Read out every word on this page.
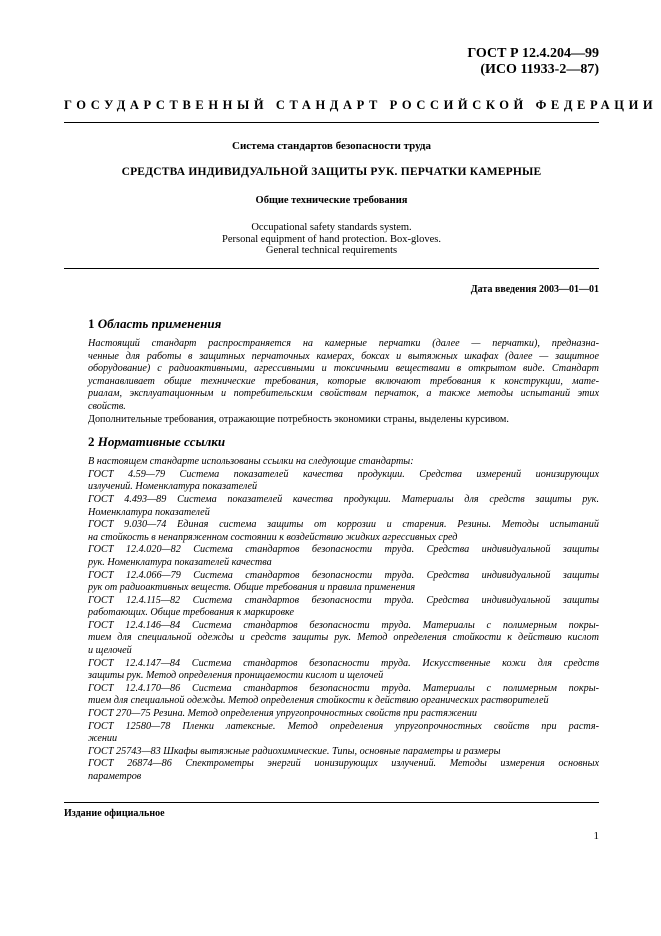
ГОСТ Р 12.4.204—99
(ИСО 11933-2—87)
ГОСУДАРСТВЕННЫЙ СТАНДАРТ РОССИЙСКОЙ ФЕДЕРАЦИИ
Система стандартов безопасности труда
СРЕДСТВА ИНДИВИДУАЛЬНОЙ ЗАЩИТЫ РУК. ПЕРЧАТКИ КАМЕРНЫЕ
Общие технические требования
Occupational safety standards system.
Personal equipment of hand protection. Box-gloves.
General technical requirements
Дата введения 2003—01—01
1 Область применения
Настоящий стандарт распространяется на камерные перчатки (далее — перчатки), предназна-
ченные для работы в защитных перчаточных камерах, боксах и вытяжных шкафах (далее — защитное
оборудование) с радиоактивными, агрессивными и токсичными веществами в открытом виде. Стандарт
устанавливает общие технические требования, которые включают требования к конструкции, мате-
риалам, эксплуатационным и потребительским свойствам перчаток, а также методы испытаний этих
свойств.
Дополнительные требования, отражающие потребность экономики страны, выделены курсивом.
2 Нормативные ссылки
В настоящем стандарте использованы ссылки на следующие стандарты:
ГОСТ 4.59—79 Система показателей качества продукции. Средства измерений ионизирующих
излучений. Номенклатура показателей
ГОСТ 4.493—89 Система показателей качества продукции. Материалы для средств защиты рук.
Номенклатура показателей
ГОСТ 9.030—74 Единая система защиты от коррозии и старения. Резины. Методы испытаний
на стойкость в ненапряженном состоянии к воздействию жидких агрессивных сред
ГОСТ 12.4.020—82 Система стандартов безопасности труда. Средства индивидуальной защиты
рук. Номенклатура показателей качества
ГОСТ 12.4.066—79 Система стандартов безопасности труда. Средства индивидуальной защиты
рук от радиоактивных веществ. Общие требования и правила применения
ГОСТ 12.4.115—82 Система стандартов безопасности труда. Средства индивидуальной защиты
работающих. Общие требования к маркировке
ГОСТ 12.4.146—84 Система стандартов безопасности труда. Материалы с полимерным покры-
тием для специальной одежды и средств защиты рук. Метод определения стойкости к действию кислот
и щелочей
ГОСТ 12.4.147—84 Система стандартов безопасности труда. Искусственные кожи для средств
защиты рук. Метод определения проницаемости кислот и щелочей
ГОСТ 12.4.170—86 Система стандартов безопасности труда. Материалы с полимерным покры-
тием для специальной одежды. Метод определения стойкости к действию органических растворителей
ГОСТ 270—75 Резина. Метод определения упругопрочностных свойств при растяжении
ГОСТ 12580—78 Пленки латексные. Метод определения упругопрочностных свойств при растя-
жении
ГОСТ 25743—83 Шкафы вытяжные радиохимические. Типы, основные параметры и размеры
ГОСТ 26874—86 Спектрометры энергий ионизирующих излучений. Методы измерения основных
параметров
Издание официальное
1
